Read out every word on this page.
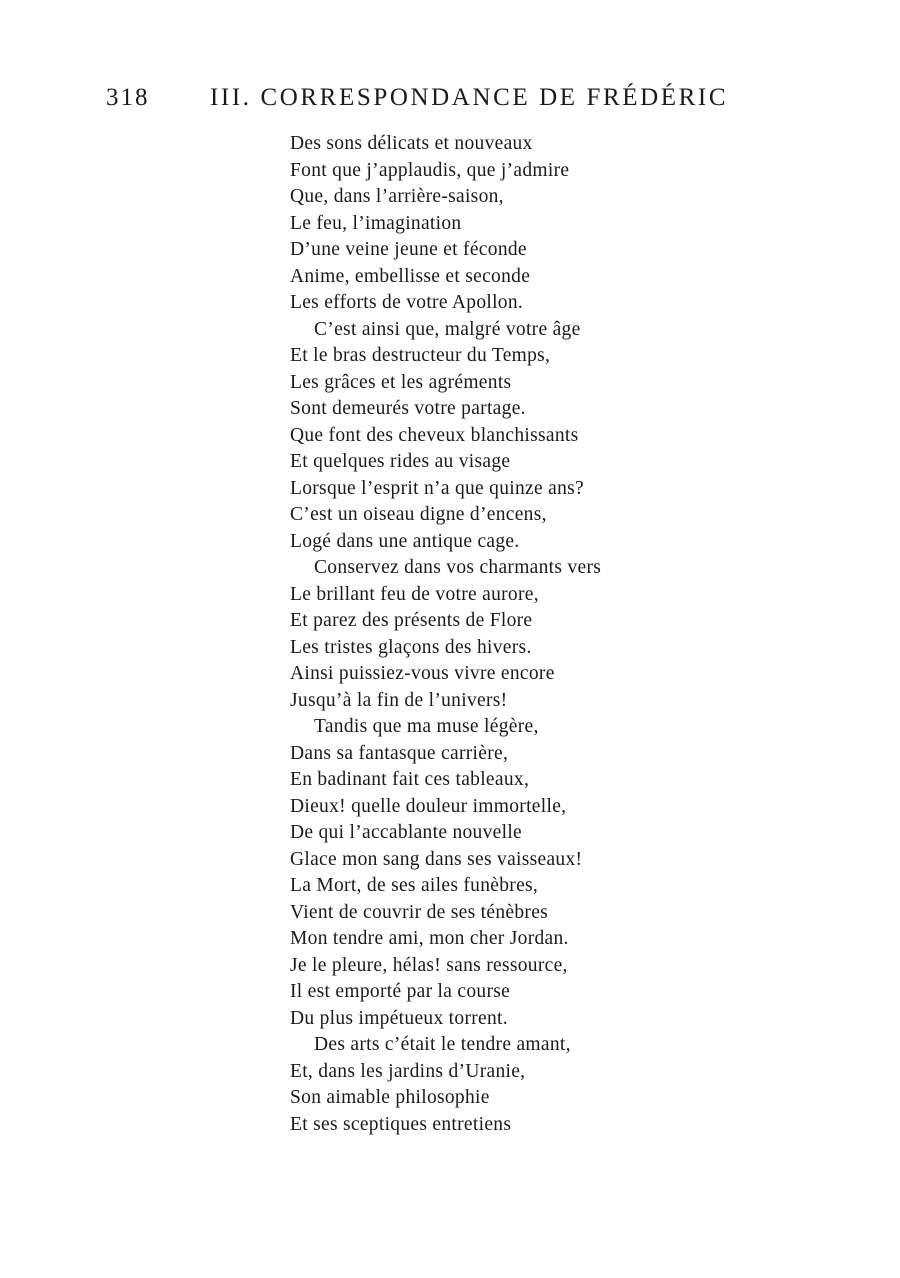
318 III. CORRESPONDANCE DE FRÉDÉRIC
Des sons délicats et nouveaux
Font que j’applaudis, que j’admire
Que, dans l’arrière-saison,
Le feu, l’imagination
D’une veine jeune et féconde
Anime, embellisse et seconde
Les efforts de votre Apollon.
C’est ainsi que, malgré votre âge
Et le bras destructeur du Temps,
Les grâces et les agréments
Sont demeurés votre partage.
Que font des cheveux blanchissants
Et quelques rides au visage
Lorsque l’esprit n’a que quinze ans?
C’est un oiseau digne d’encens,
Logé dans une antique cage.
Conservez dans vos charmants vers
Le brillant feu de votre aurore,
Et parez des présents de Flore
Les tristes glaçons des hivers.
Ainsi puissiez-vous vivre encore
Jusqu’à la fin de l’univers!
Tandis que ma muse légère,
Dans sa fantasque carrière,
En badinant fait ces tableaux,
Dieux! quelle douleur immortelle,
De qui l’accablante nouvelle
Glace mon sang dans ses vaisseaux!
La Mort, de ses ailes funèbres,
Vient de couvrir de ses ténèbres
Mon tendre ami, mon cher Jordan.
Je le pleure, hélas! sans ressource,
Il est emporté par la course
Du plus impétueux torrent.
Des arts c’était le tendre amant,
Et, dans les jardins d’Uranie,
Son aimable philosophie
Et ses sceptiques entretiens
